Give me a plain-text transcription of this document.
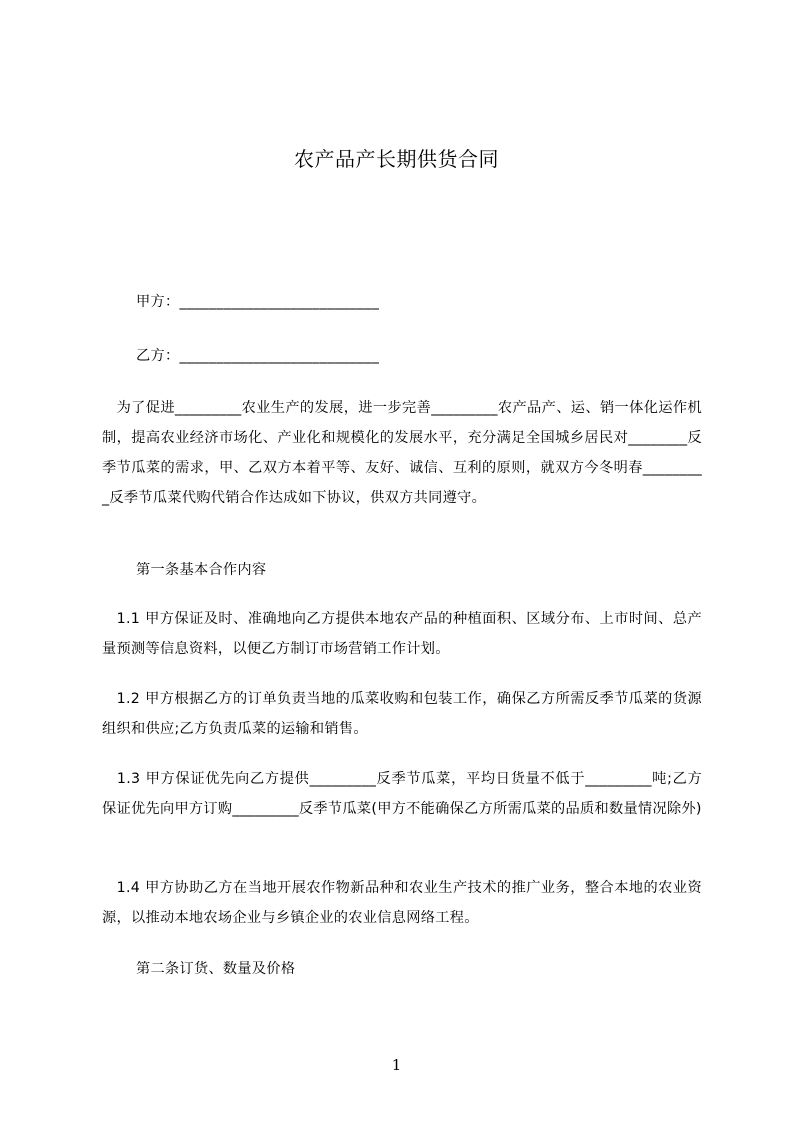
农产品产长期供货合同
甲方：___________________________
乙方：___________________________
　为了促进_________农业生产的发展，进一步完善_________农产品产、运、销一体化运作机制，提高农业经济市场化、产业化和规模化的发展水平，充分满足全国城乡居民对________反季节瓜菜的需求，甲、乙双方本着平等、友好、诚信、互利的原则，就双方今冬明春_________反季节瓜菜代购代销合作达成如下协议，供双方共同遵守。
第一条基本合作内容
　1.1 甲方保证及时、准确地向乙方提供本地农产品的种植面积、区域分布、上市时间、总产量预测等信息资料，以便乙方制订市场营销工作计划。
　1.2 甲方根据乙方的订单负责当地的瓜菜收购和包装工作，确保乙方所需反季节瓜菜的货源组织和供应;乙方负责瓜菜的运输和销售。
　1.3 甲方保证优先向乙方提供_________反季节瓜菜，平均日货量不低于_________吨;乙方保证优先向甲方订购_________反季节瓜菜(甲方不能确保乙方所需瓜菜的品质和数量情况除外)
　1.4 甲方协助乙方在当地开展农作物新品种和农业生产技术的推广业务，整合本地的农业资源，以推动本地农场企业与乡镇企业的农业信息网络工程。
第二条订货、数量及价格
1
